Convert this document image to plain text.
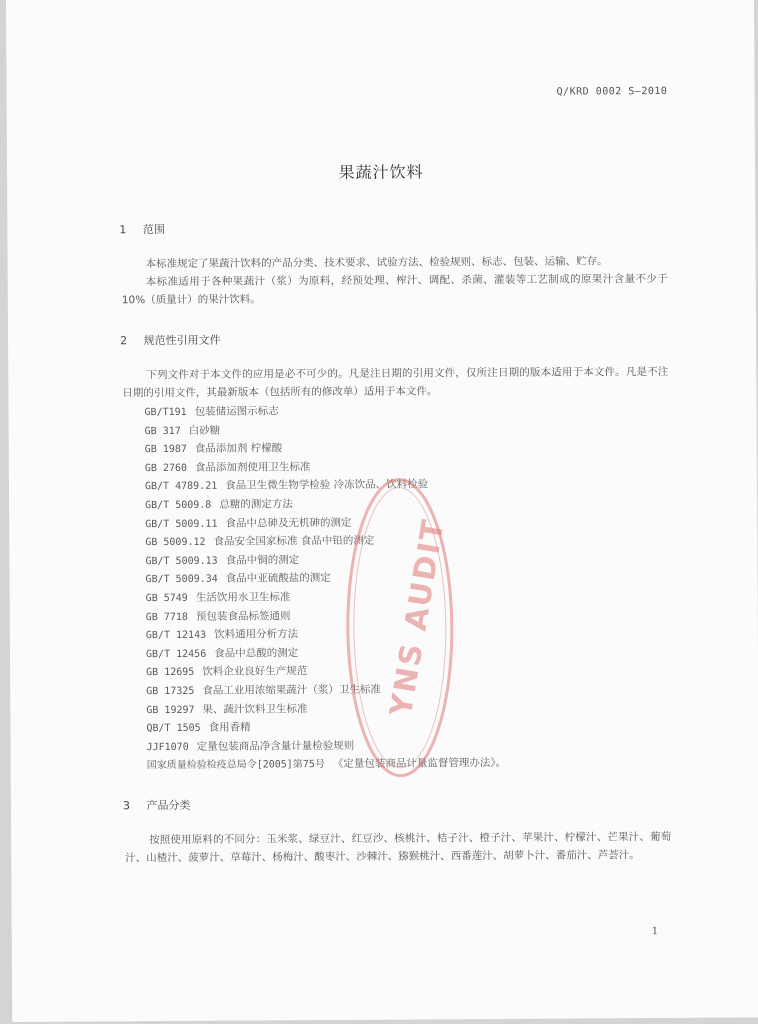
Q/KRD 0002 S—2010
果蔬汁饮料
1 范围

本标准规定了果蔬汁饮料的产品分类、技术要求、试验方法、检验规则、标志、包装、运输、贮存。

本标准适用于各种果蔬汁（浆）为原料，经预处理、榨汁、调配、杀菌、灌装等工艺制成的原果汁含量不少于10%（质量计）的果汁饮料。

2 规范性引用文件

下列文件对于本文件的应用是必不可少的。凡是注日期的引用文件，仅所注日期的版本适用于本文件。凡是不注日期的引用文件，其最新版本（包括所有的修改单）适用于本文件。

GB/T191 包装储运图示标志
GB 317 白砂糖
GB 1987 食品添加剂 柠檬酸
GB 2760 食品添加剂使用卫生标准
GB/T 4789.21 食品卫生微生物学检验 冷冻饮品、饮料检验
GB/T 5009.8 总糖的测定方法
GB/T 5009.11 食品中总砷及无机砷的测定
GB 5009.12 食品安全国家标准 食品中铅的测定
GB/T 5009.13 食品中铜的测定
GB/T 5009.34 食品中亚硫酸盐的测定
GB 5749 生活饮用水卫生标准
GB 7718 预包装食品标签通则
GB/T 12143 饮料通用分析方法
GB/T 12456 食品中总酸的测定
GB 12695 饮料企业良好生产规范
GB 17325 食品工业用浓缩果蔬汁（浆）卫生标准
GB 19297 果、蔬汁饮料卫生标准
QB/T 1505 食用香精
JJF1070 定量包装商品净含量计量检验规则
国家质量检验检疫总局令[2005]第75号 《定量包装商品计量监督管理办法》。
3 产品分类

按照使用原料的不同分：玉米浆、绿豆汁、红豆沙、核桃汁、桔子汁、橙子汁、苹果汁、柠檬汁、芒果汁、葡萄汁、山楂汁、菠萝汁、草莓汁、杨梅汁、酸枣汁、沙棘汁、猕猴桃汁、西番莲汁、胡萝卜汁、番茄汁、芦荟汁。

1
YNS AUDIT
